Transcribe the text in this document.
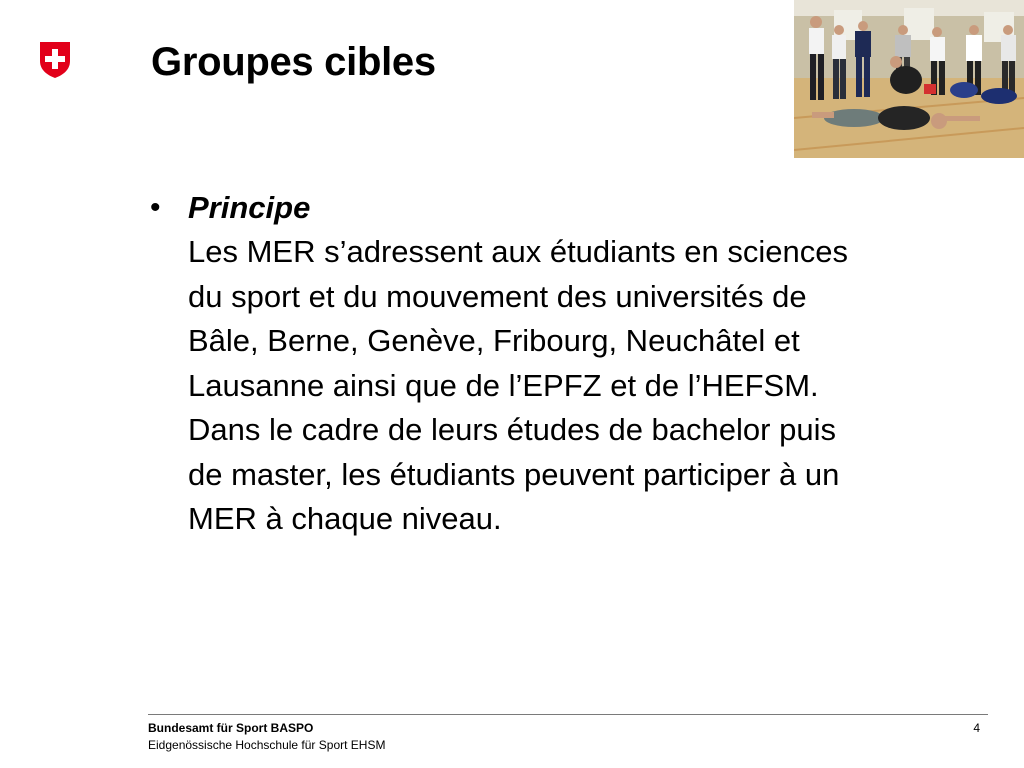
Groupes cibles
• Principe

Les MER s’adressent aux étudiants en sciences
du sport et du mouvement des universités de
Bâle, Berne, Genève, Fribourg, Neuchâtel et
Lausanne ainsi que de l’EPFZ et de l’HEFSM.
Dans le cadre de leurs études de bachelor puis
de master, les étudiants peuvent participer à un
MER à chaque niveau.

Bundesamt für Sport BASPO
Eidgenössische Hochschule für Sport EHSM
4
